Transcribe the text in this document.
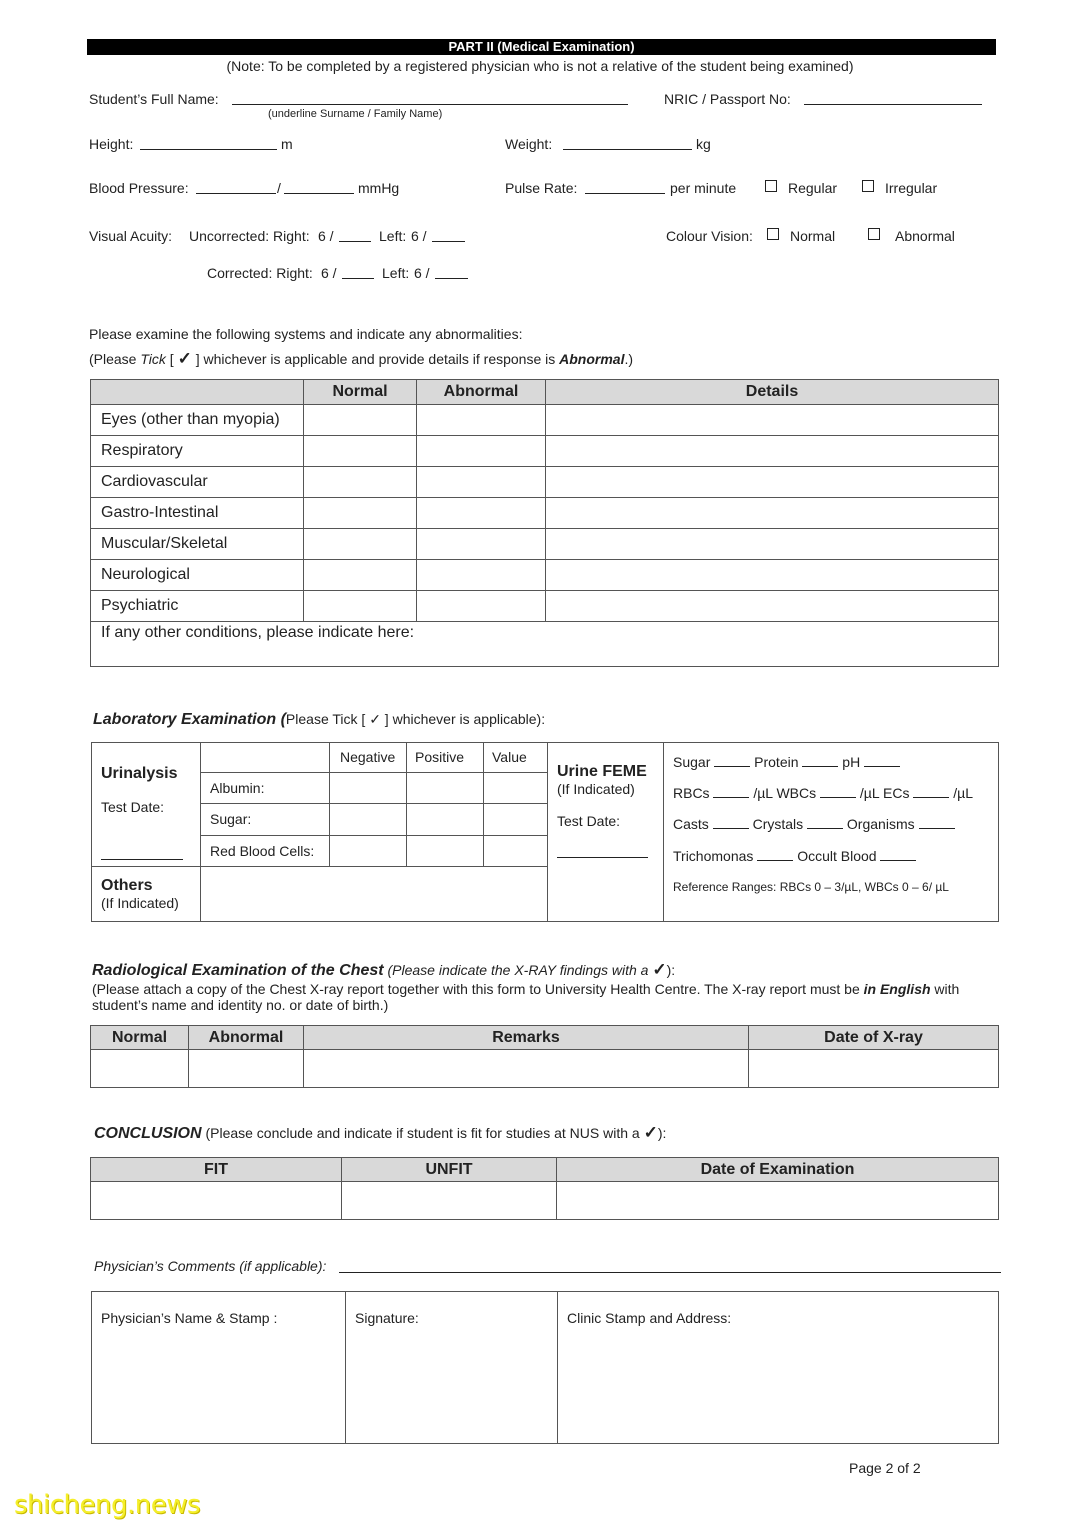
PART II (Medical Examination)
(Note: To be completed by a registered physician who is not a relative of the student being examined)
Student’s Full Name:
(underline Surname / Family Name)
NRIC / Passport No:
Height:	m	Weight:	kg
Blood Pressure:	/	mmHg	Pulse Rate:	per minute	Regular	Irregular
Visual Acuity: Uncorrected: Right: 6 /	Left: 6 /	Colour Vision:	Normal	Abnormal
Corrected: Right: 6 /	Left: 6 /
Please examine the following systems and indicate any abnormalities:
(Please Tick [ ✓ ] whichever is applicable and provide details if response is Abnormal.)
	Normal	Abnormal	Details
Eyes (other than myopia)			
Respiratory			
Cardiovascular			
Gastro-Intestinal			
Muscular/Skeletal			
Neurological			
Psychiatric			
If any other conditions, please indicate here:			
Laboratory Examination (Please Tick [ ✓ ] whichever is applicable):
Urinalysis
Test Date:
Negative Positive Value
Albumin:
Sugar:
Red Blood Cells:
Others
(If Indicated)
Urine FEME
(If Indicated)
Test Date:
Sugar	Protein	pH
RBCs	/µL WBCs	/µL ECs	/µL
Casts	Crystals	Organisms
Trichomonas	Occult Blood
Reference Ranges: RBCs 0 – 3/µL, WBCs 0 – 6/ µL
Radiological Examination of the Chest (Please indicate the X-RAY findings with a ✓):
(Please attach a copy of the Chest X-ray report together with this form to University Health Centre. The X-ray report must be in English with
student’s name and identity no. or date of birth.)
Normal	Abnormal	Remarks	Date of X-ray

CONCLUSION (Please conclude and indicate if student is fit for studies at NUS with a ✓):
FIT	UNFIT	Date of Examination

Physician’s Comments (if applicable):
Physician’s Name & Stamp :	Signature:	Clinic Stamp and Address:
Page 2 of 2
shicheng.news
